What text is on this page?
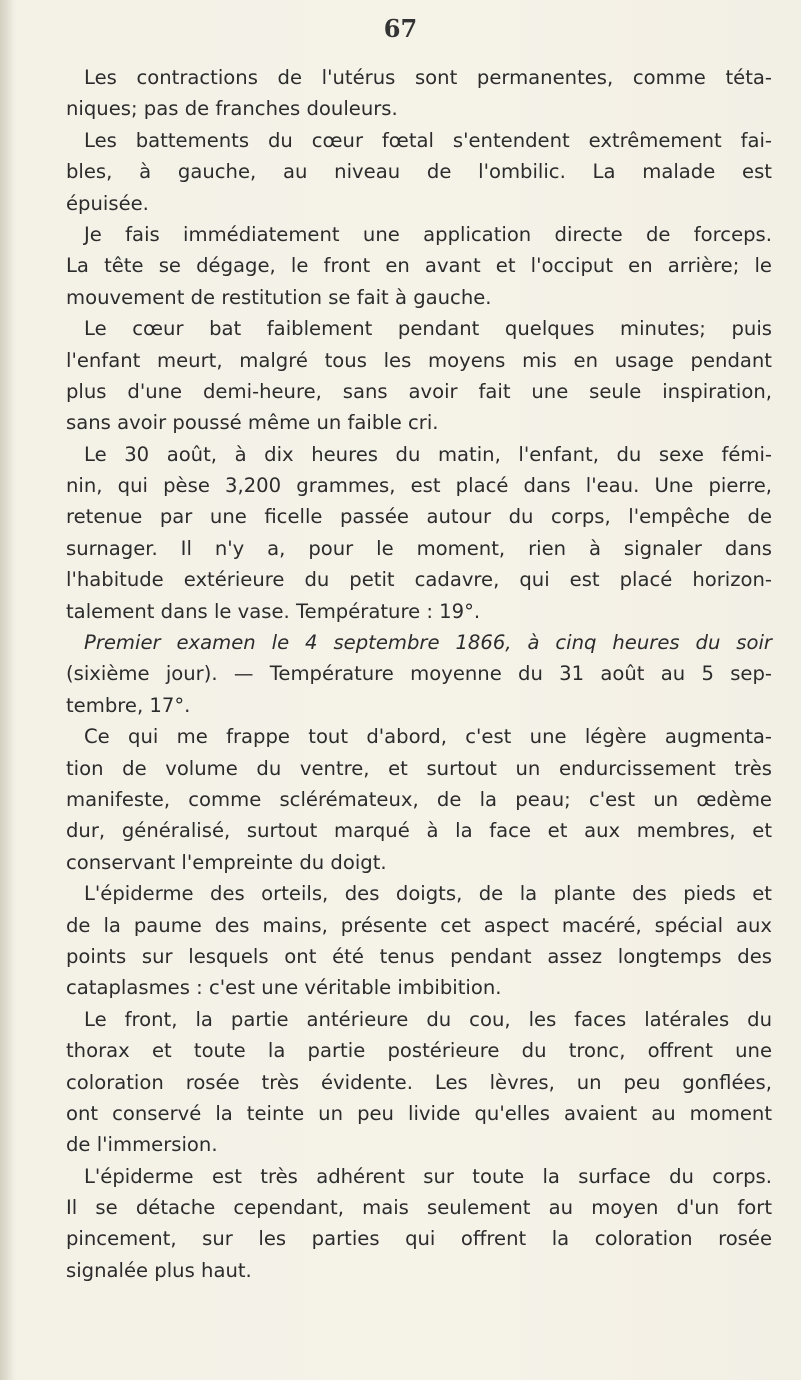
67
Les contractions de l'utérus sont permanentes, comme téta-
niques; pas de franches douleurs.
Les battements du cœur fœtal s'entendent extrêmement fai-
bles, à gauche, au niveau de l'ombilic. La malade est
épuisée.
Je fais immédiatement une application directe de forceps.
La tête se dégage, le front en avant et l'occiput en arrière; le
mouvement de restitution se fait à gauche.
Le cœur bat faiblement pendant quelques minutes; puis
l'enfant meurt, malgré tous les moyens mis en usage pendant
plus d'une demi-heure, sans avoir fait une seule inspiration,
sans avoir poussé même un faible cri.
Le 30 août, à dix heures du matin, l'enfant, du sexe fémi-
nin, qui pèse 3,200 grammes, est placé dans l'eau. Une pierre,
retenue par une ficelle passée autour du corps, l'empêche de
surnager. Il n'y a, pour le moment, rien à signaler dans
l'habitude extérieure du petit cadavre, qui est placé horizon-
talement dans le vase. Température : 19°.
Premier examen le 4 septembre 1866, à cinq heures du soir
(sixième jour). — Température moyenne du 31 août au 5 sep-
tembre, 17°.
Ce qui me frappe tout d'abord, c'est une légère augmenta-
tion de volume du ventre, et surtout un endurcissement très
manifeste, comme sclérémateux, de la peau; c'est un œdème
dur, généralisé, surtout marqué à la face et aux membres, et
conservant l'empreinte du doigt.
L'épiderme des orteils, des doigts, de la plante des pieds et
de la paume des mains, présente cet aspect macéré, spécial aux
points sur lesquels ont été tenus pendant assez longtemps des
cataplasmes : c'est une véritable imbibition.
Le front, la partie antérieure du cou, les faces latérales du
thorax et toute la partie postérieure du tronc, offrent une
coloration rosée très évidente. Les lèvres, un peu gonflées,
ont conservé la teinte un peu livide qu'elles avaient au moment
de l'immersion.
L'épiderme est très adhérent sur toute la surface du corps.
Il se détache cependant, mais seulement au moyen d'un fort
pincement, sur les parties qui offrent la coloration rosée
signalée plus haut.
